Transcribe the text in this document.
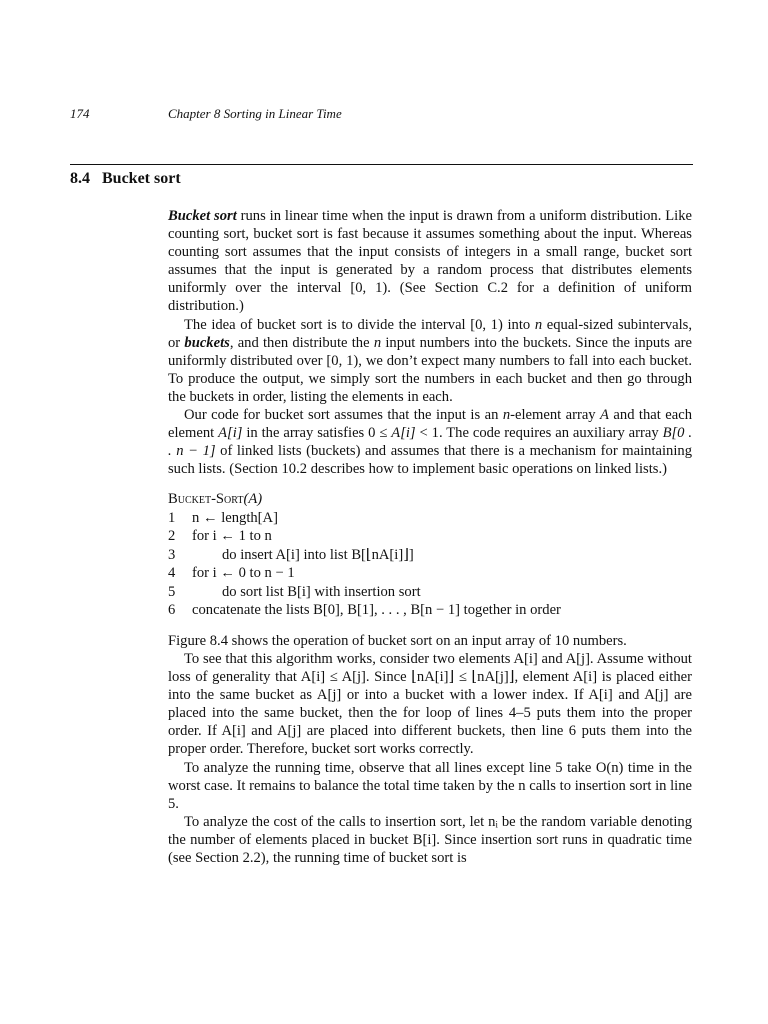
174	Chapter 8 Sorting in Linear Time
8.4 Bucket sort

Bucket sort runs in linear time when the input is drawn from a uniform distribution. Like counting sort, bucket sort is fast because it assumes something about the input. Whereas counting sort assumes that the input consists of integers in a small range, bucket sort assumes that the input is generated by a random process that distributes elements uniformly over the interval [0, 1). (See Section C.2 for a definition of uniform distribution.)

The idea of bucket sort is to divide the interval [0, 1) into n equal-sized subintervals, or buckets, and then distribute the n input numbers into the buckets. Since the inputs are uniformly distributed over [0, 1), we don’t expect many numbers to fall into each bucket. To produce the output, we simply sort the numbers in each bucket and then go through the buckets in order, listing the elements in each.

Our code for bucket sort assumes that the input is an n-element array A and that each element A[i] in the array satisfies 0 ≤ A[i] < 1. The code requires an auxiliary array B[0 . . n − 1] of linked lists (buckets) and assumes that there is a mechanism for maintaining such lists. (Section 10.2 describes how to implement basic operations on linked lists.)

Bucket-Sort (A)
1	n ← length[A]
2	for i ← 1 to n
3	do insert A[i] into list B[⌊nA[i]⌋]
4	for i ← 0 to n − 1
5	do sort list B[i] with insertion sort
6	concatenate the lists B[0], B[1], . . . , B[n − 1] together in order

Figure 8.4 shows the operation of bucket sort on an input array of 10 numbers.

To see that this algorithm works, consider two elements A[i] and A[j]. Assume without loss of generality that A[i] ≤ A[j]. Since ⌊nA[i]⌋ ≤ ⌊nA[j]⌋, element A[i] is placed either into the same bucket as A[j] or into a bucket with a lower index. If A[i] and A[j] are placed into the same bucket, then the for loop of lines 4–5 puts them into the proper order. If A[i] and A[j] are placed into different buckets, then line 6 puts them into the proper order. Therefore, bucket sort works correctly.

To analyze the running time, observe that all lines except line 5 take O(n) time in the worst case. It remains to balance the total time taken by the n calls to insertion sort in line 5.

To analyze the cost of the calls to insertion sort, let nᵢ be the random variable denoting the number of elements placed in bucket B[i]. Since insertion sort runs in quadratic time (see Section 2.2), the running time of bucket sort is
